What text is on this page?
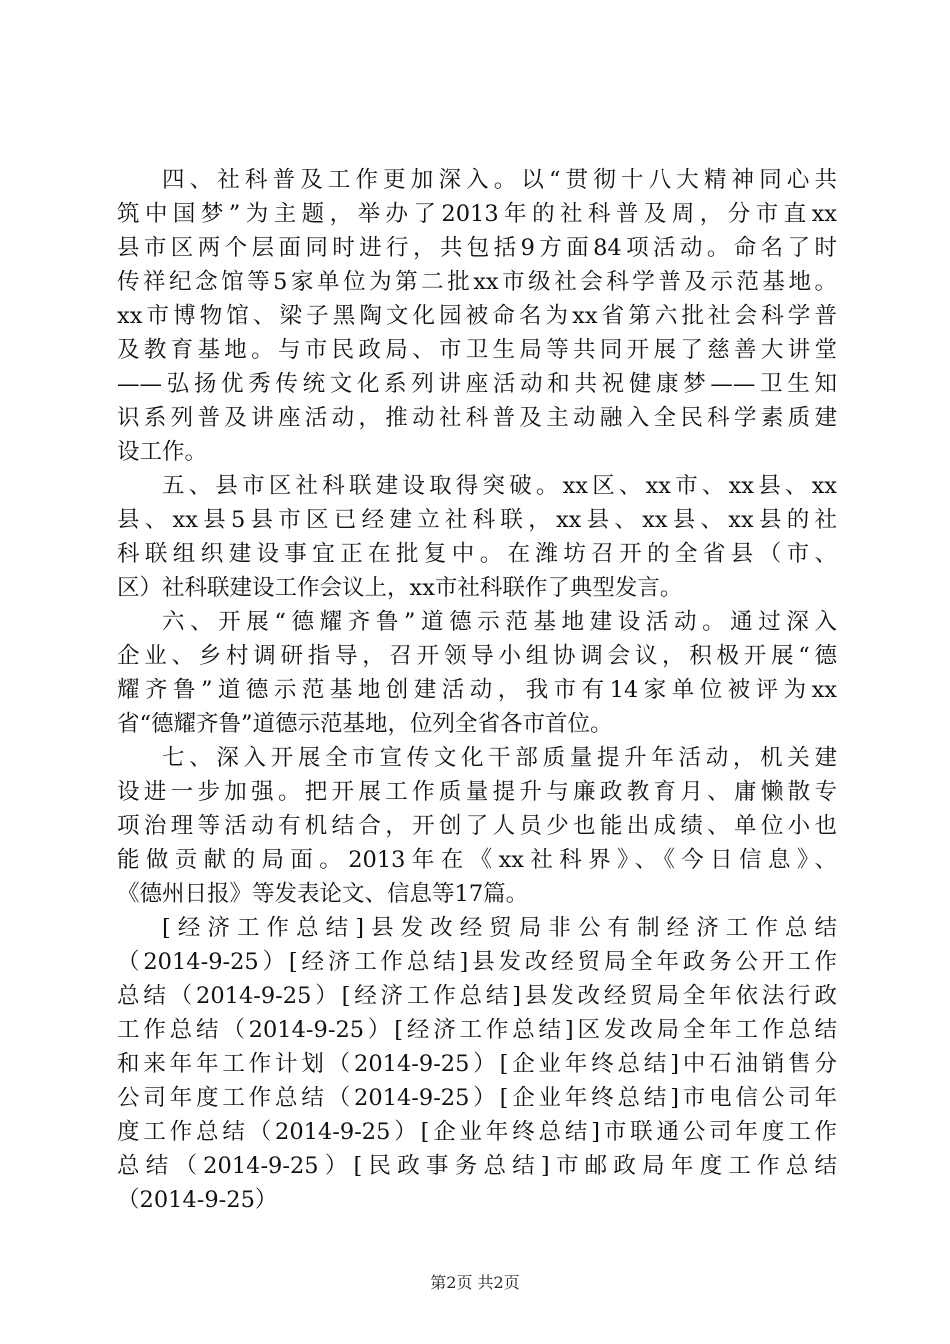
四、社科普及工作更加深入。以“贯彻十八大精神同心共
筑中国梦”为主题，举办了2013年的社科普及周，分市直xx
县市区两个层面同时进行，共包括9方面84项活动。命名了时
传祥纪念馆等5家单位为第二批xx市级社会科学普及示范基地。
xx市博物馆、梁子黑陶文化园被命名为xx省第六批社会科学普
及教育基地。与市民政局、市卫生局等共同开展了慈善大讲堂
——弘扬优秀传统文化系列讲座活动和共祝健康梦——卫生知
识系列普及讲座活动，推动社科普及主动融入全民科学素质建
设工作。
五、县市区社科联建设取得突破。xx区、xx市、xx县、xx
县、xx县5县市区已经建立社科联，xx县、xx县、xx县的社
科联组织建设事宜正在批复中。在潍坊召开的全省县（市、
区）社科联建设工作会议上，xx市社科联作了典型发言。
六、开展“德耀齐鲁”道德示范基地建设活动。通过深入
企业、乡村调研指导，召开领导小组协调会议，积极开展“德
耀齐鲁”道德示范基地创建活动，我市有14家单位被评为xx
省“德耀齐鲁”道德示范基地，位列全省各市首位。
七、深入开展全市宣传文化干部质量提升年活动，机关建
设进一步加强。把开展工作质量提升与廉政教育月、庸懒散专
项治理等活动有机结合，开创了人员少也能出成绩、单位小也
能做贡献的局面。2013年在《xx社科界》、《今日信息》、
《德州日报》等发表论文、信息等17篇。
[经济工作总结]县发改经贸局非公有制经济工作总结
（2014-9-25）[经济工作总结]县发改经贸局全年政务公开工作
总结（2014-9-25）[经济工作总结]县发改经贸局全年依法行政
工作总结（2014-9-25）[经济工作总结]区发改局全年工作总结
和来年年工作计划（2014-9-25）[企业年终总结]中石油销售分
公司年度工作总结（2014-9-25）[企业年终总结]市电信公司年
度工作总结（2014-9-25）[企业年终总结]市联通公司年度工作
总结（2014-9-25）[民政事务总结]市邮政局年度工作总结
（2014-9-25）
第2页 共2页
